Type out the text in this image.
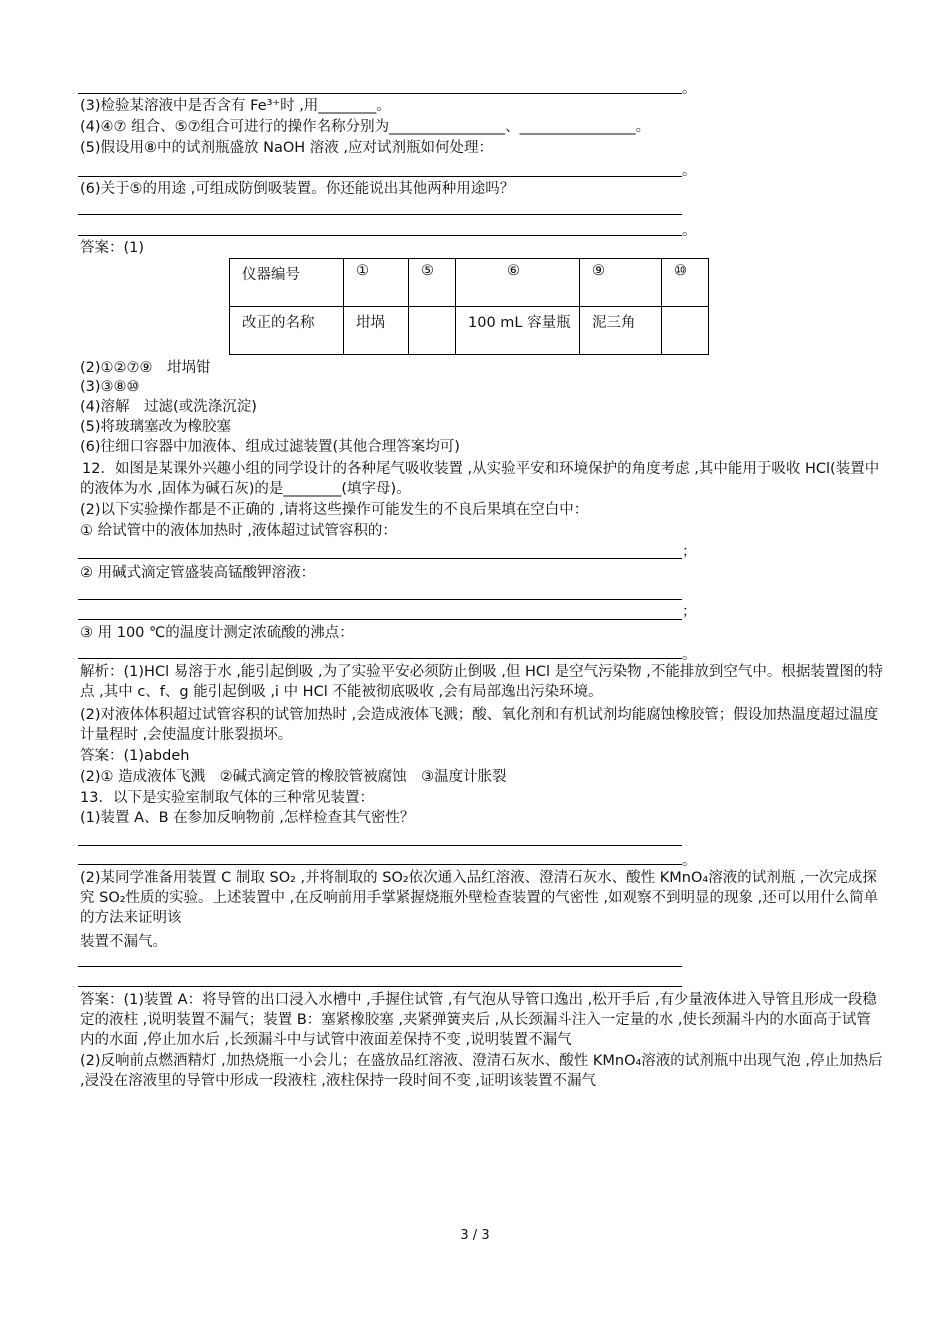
。
(3)检验某溶液中是否含有 Fe³⁺时 ,用________。
(4)④⑦ 组合、⑤⑦组合可进行的操作名称分别为________________、________________。
(5)假设用⑧中的试剂瓶盛放 NaOH 溶液 ,应对试剂瓶如何处理：
。
(6)关于⑤的用途 ,可组成防倒吸装置。你还能说出其他两种用途吗？
。
答案：(1)
仪器编号	①	⑤	⑥	⑨	⑩
改正的名称	坩埚		100 mL 容量瓶	泥三角	
(2)①②⑦⑨　坩埚钳
(3)③⑧⑩
(4)溶解　过滤(或洗涤沉淀)
(5)将玻璃塞改为橡胶塞
(6)往细口容器中加液体、组成过滤装置(其他合理答案均可)
12．如图是某课外兴趣小组的同学设计的各种尾气吸收装置 ,从实验平安和环境保护的角度考虑 ,其中能用于吸收 HCl(装置中的液体为水 ,固体为碱石灰)的是________(填字母)。
(2)以下实验操作都是不正确的 ,请将这些操作可能发生的不良后果填在空白中：
① 给试管中的液体加热时 ,液体超过试管容积的：
；
② 用碱式滴定管盛装高锰酸钾溶液：
；
③ 用 100 ℃的温度计测定浓硫酸的沸点：
。
解析：(1)HCl 易溶于水 ,能引起倒吸 ,为了实验平安必须防止倒吸 ,但 HCl 是空气污染物 ,不能排放到空气中。根据装置图的特点 ,其中 c、f、g 能引起倒吸 ,i 中 HCl 不能被彻底吸收 ,会有局部逸出污染环境。
(2)对液体体积超过试管容积的试管加热时 ,会造成液体飞溅；酸、氧化剂和有机试剂均能腐蚀橡胶管；假设加热温度超过温度计量程时 ,会使温度计胀裂损坏。
答案：(1)abdeh
(2)① 造成液体飞溅　②碱式滴定管的橡胶管被腐蚀　③温度计胀裂
13．以下是实验室制取气体的三种常见装置：
(1)装置 A、B 在参加反响物前 ,怎样检查其气密性？
。
(2)某同学准备用装置 C 制取 SO₂ ,并将制取的 SO₂依次通入品红溶液、澄清石灰水、酸性 KMnO₄溶液的试剂瓶 ,一次完成探究 SO₂性质的实验。上述装置中 ,在反响前用手掌紧握烧瓶外壁检查装置的气密性 ,如观察不到明显的现象 ,还可以用什么简单的方法来证明该
装置不漏气。
答案：(1)装置 A：将导管的出口浸入水槽中 ,手握住试管 ,有气泡从导管口逸出 ,松开手后 ,有少量液体进入导管且形成一段稳定的液柱 ,说明装置不漏气；装置 B：塞紧橡胶塞 ,夹紧弹簧夹后 ,从长颈漏斗注入一定量的水 ,使长颈漏斗内的水面高于试管内的水面 ,停止加水后 ,长颈漏斗中与试管中液面差保持不变 ,说明装置不漏气
(2)反响前点燃酒精灯 ,加热烧瓶一小会儿；在盛放品红溶液、澄清石灰水、酸性 KMnO₄溶液的试剂瓶中出现气泡 ,停止加热后 ,浸没在溶液里的导管中形成一段液柱 ,液柱保持一段时间不变 ,证明该装置不漏气
3 / 3
